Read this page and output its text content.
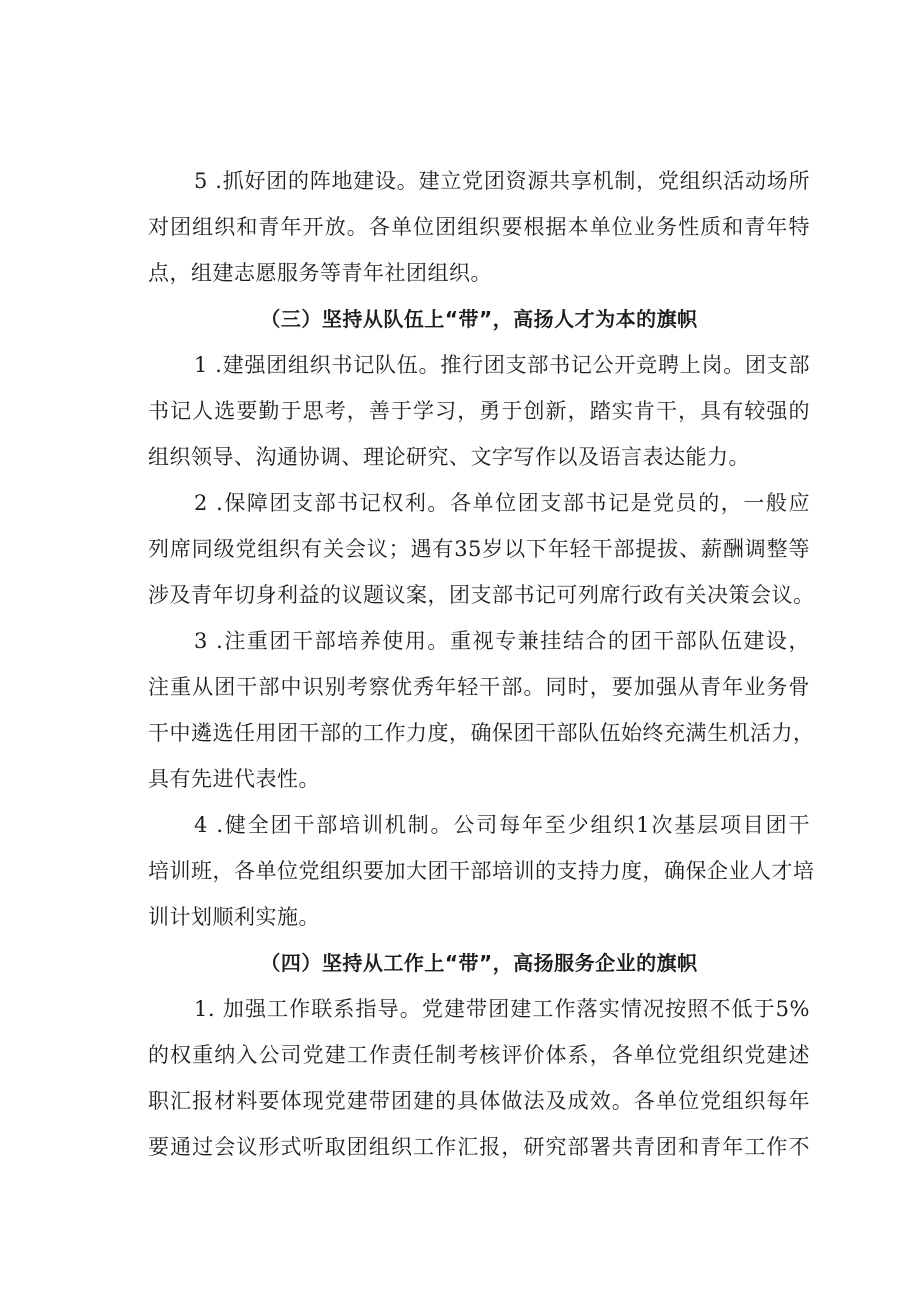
5 .抓好团的阵地建设。建立党团资源共享机制，党组织活动场所
对团组织和青年开放。各单位团组织要根据本单位业务性质和青年特
点，组建志愿服务等青年社团组织。
（三）坚持从队伍上“带”，高扬人才为本的旗帜
1 .建强团组织书记队伍。推行团支部书记公开竞聘上岗。团支部
书记人选要勤于思考，善于学习，勇于创新，踏实肯干，具有较强的
组织领导、沟通协调、理论研究、文字写作以及语言表达能力。
2 .保障团支部书记权利。各单位团支部书记是党员的，一般应
列席同级党组织有关会议；遇有35岁以下年轻干部提拔、薪酬调整等
涉及青年切身利益的议题议案，团支部书记可列席行政有关决策会议。
3 .注重团干部培养使用。重视专兼挂结合的团干部队伍建设，
注重从团干部中识别考察优秀年轻干部。同时，要加强从青年业务骨
干中遴选任用团干部的工作力度，确保团干部队伍始终充满生机活力，
具有先进代表性。
4 .健全团干部培训机制。公司每年至少组织1次基层项目团干
培训班，各单位党组织要加大团干部培训的支持力度，确保企业人才培
训计划顺利实施。
（四）坚持从工作上“带”，高扬服务企业的旗帜
1. 加强工作联系指导。党建带团建工作落实情况按照不低于5%
的权重纳入公司党建工作责任制考核评价体系，各单位党组织党建述
职汇报材料要体现党建带团建的具体做法及成效。各单位党组织每年
要通过会议形式听取团组织工作汇报，研究部署共青团和青年工作不
